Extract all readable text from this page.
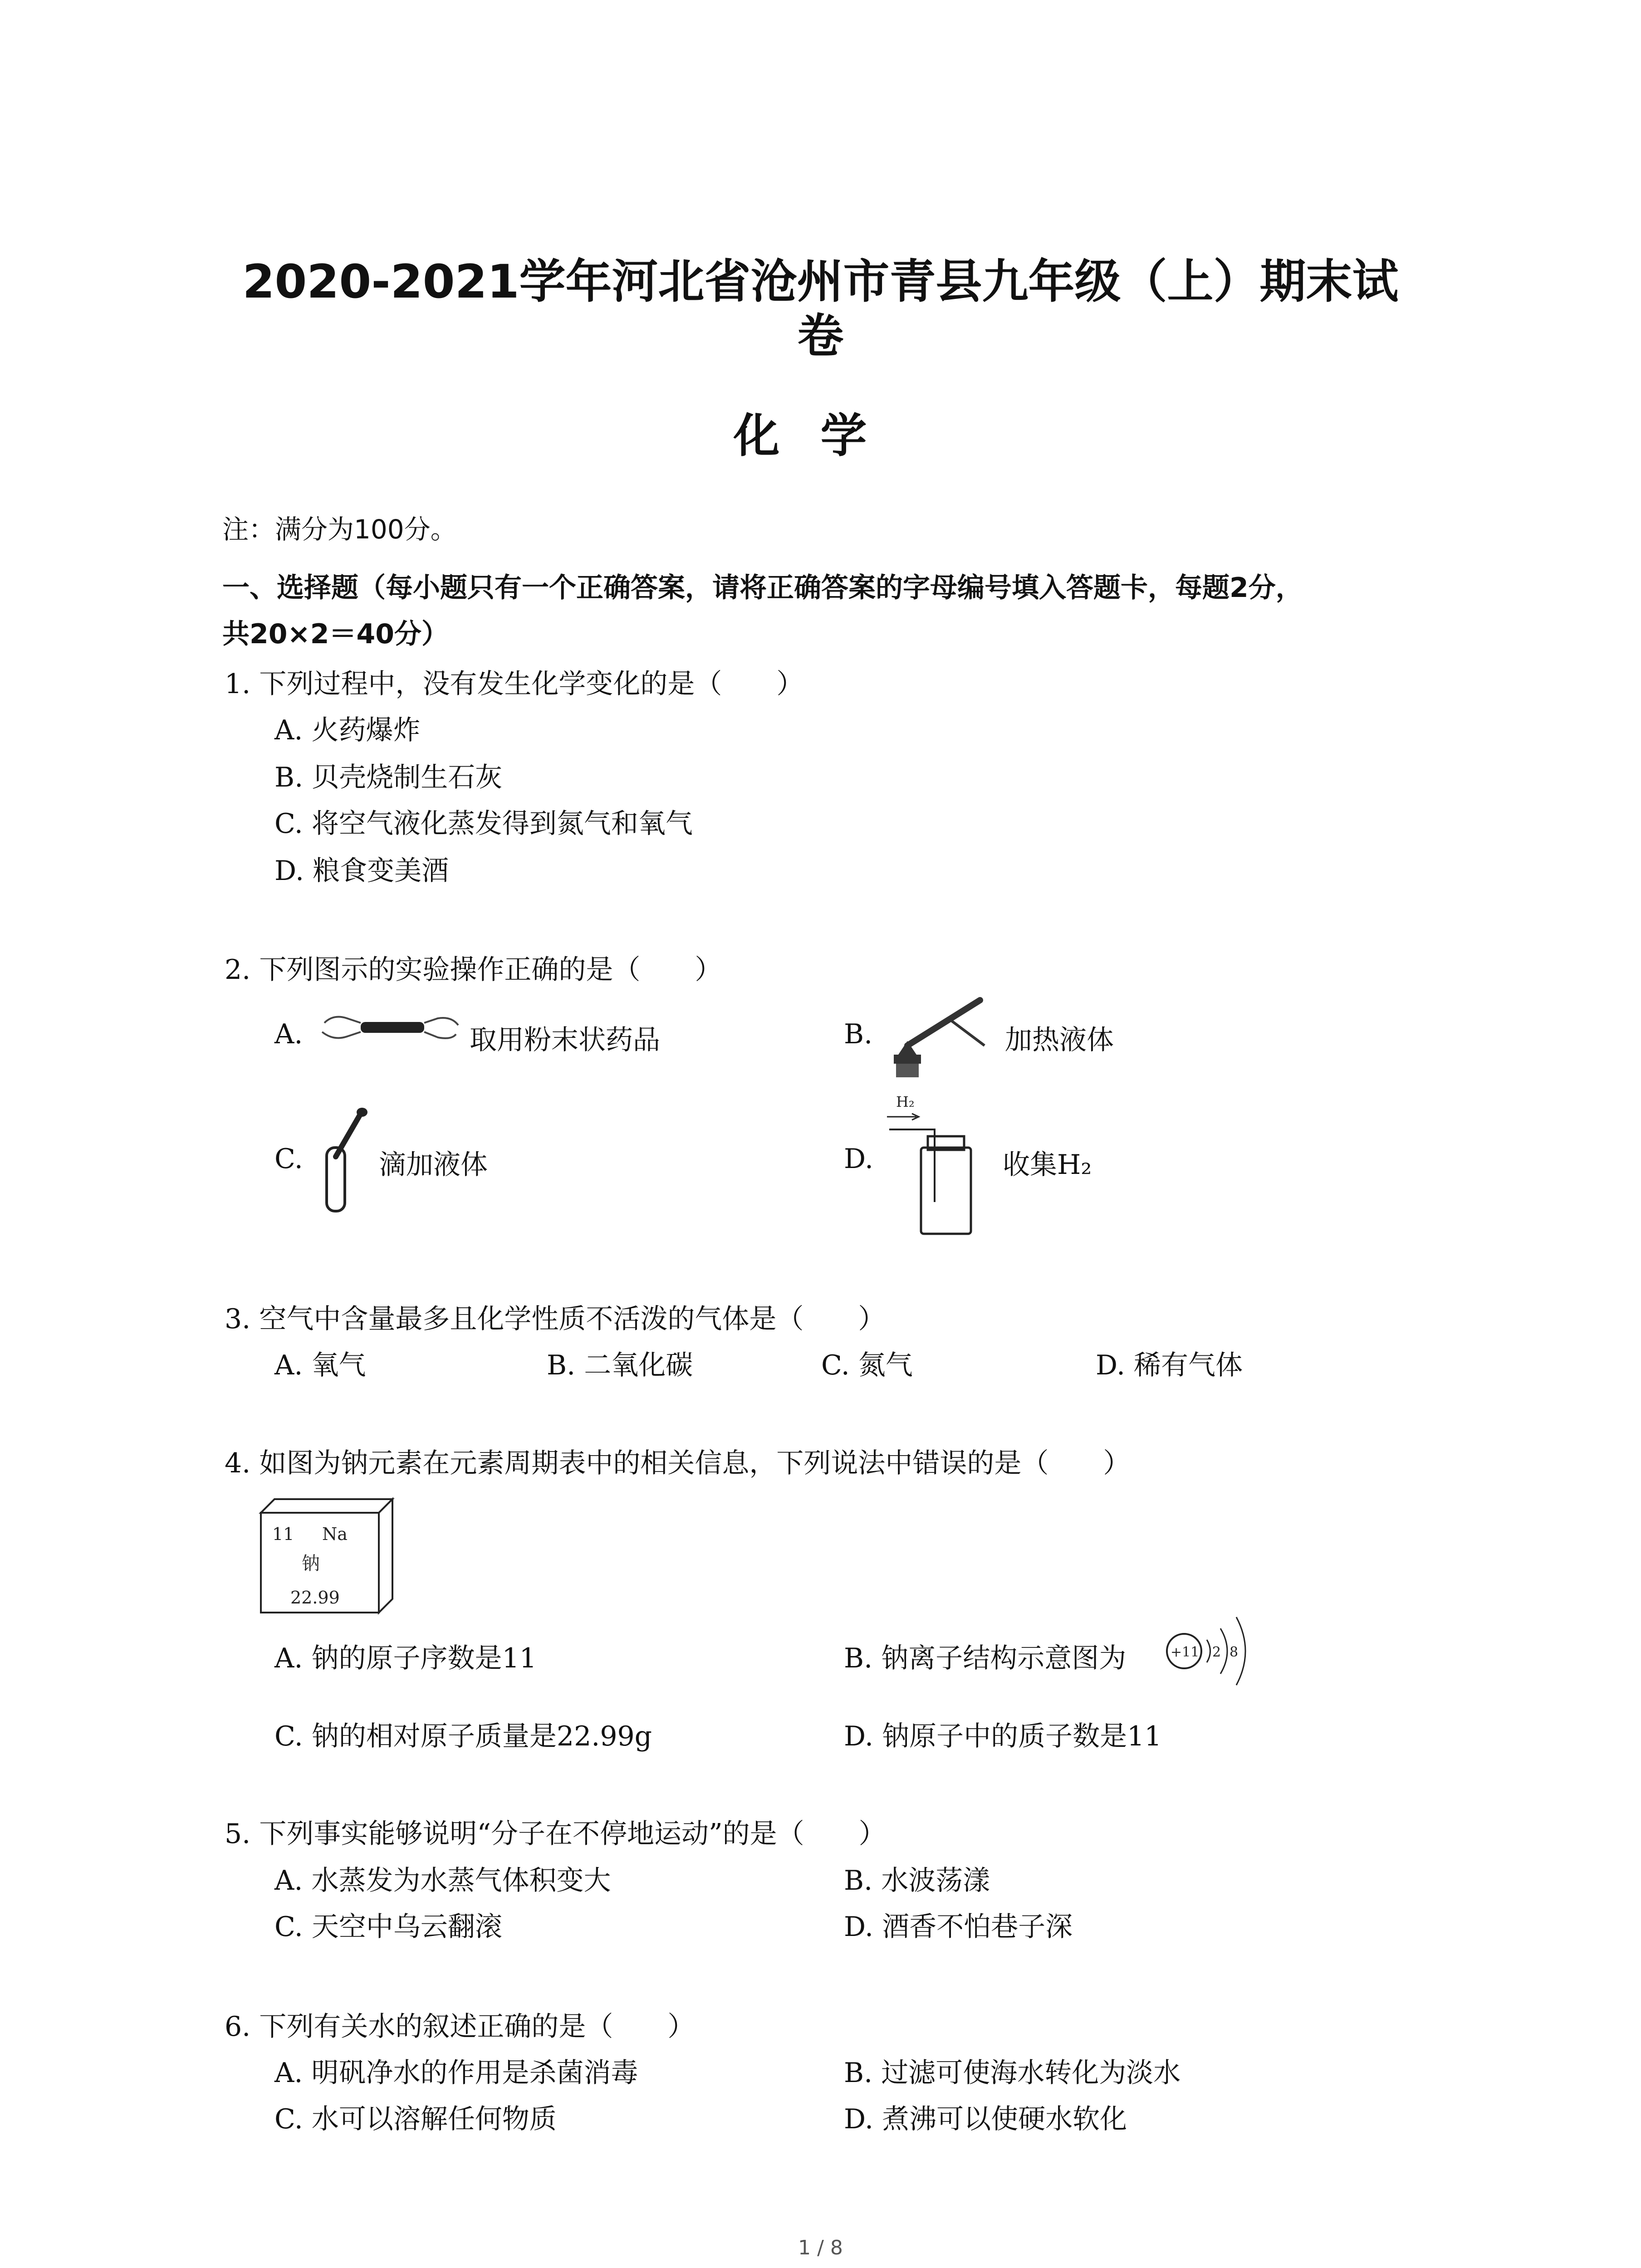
2020-2021学年河北省沧州市青县九年级（上）期末试
卷
化学
注：满分为100分。
一、选择题（每小题只有一个正确答案，请将正确答案的字母编号填入答题卡，每题2分，
共20×2＝40分）
1. 下列过程中，没有发生化学变化的是（　　）
A. 火药爆炸
B. 贝壳烧制生石灰
C. 将空气液化蒸发得到氮气和氧气
D. 粮食变美酒
2. 下列图示的实验操作正确的是（　　）
A.	取用粉末状药品	B.	加热液体
C.	滴加液体	D.
H₂
收集H₂
3. 空气中含量最多且化学性质不活泼的气体是（　　）
A. 氧气	B. 二氧化碳	C. 氮气	D. 稀有气体
4. 如图为钠元素在元素周期表中的相关信息，下列说法中错误的是（　　）
11 Na
钠
22.99
A. 钠的原子序数是11	B. 钠离子结构示意图为	+11 2 8
C. 钠的相对原子质量是22.99g	D. 钠原子中的质子数是11
5. 下列事实能够说明“分子在不停地运动”的是（　　）
A. 水蒸发为水蒸气体积变大	B. 水波荡漾
C. 天空中乌云翻滚	D. 酒香不怕巷子深
6. 下列有关水的叙述正确的是（　　）
A. 明矾净水的作用是杀菌消毒	B. 过滤可使海水转化为淡水
C. 水可以溶解任何物质	D. 煮沸可以使硬水软化
1 / 8
